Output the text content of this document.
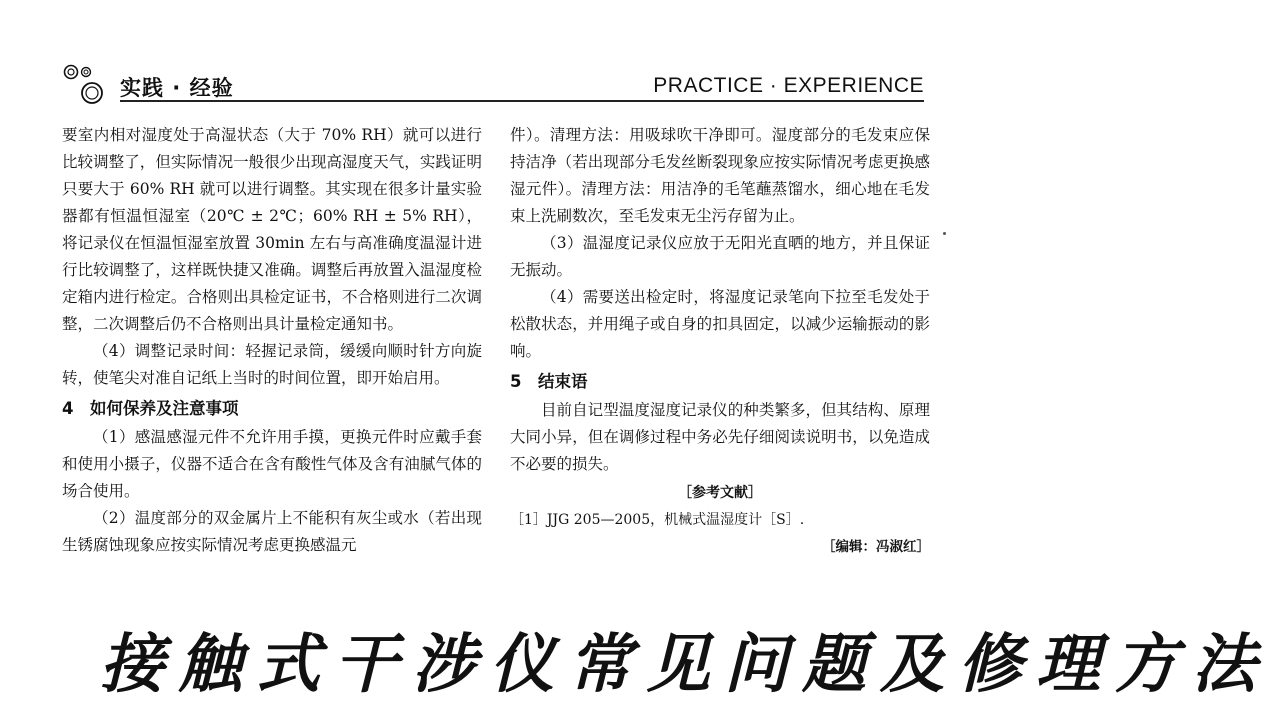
实践 · 经验	PRACTICE · EXPERIENCE

要室内相对湿度处于高湿状态（大于 70% RH）就可以进行比较调整了，但实际情况一般很少出现高湿度天气，实践证明只要大于 60% RH 就可以进行调整。其实现在很多计量实验器都有恒温恒湿室（20℃ ± 2℃；60% RH ± 5% RH），将记录仪在恒温恒湿室放置 30min 左右与高准确度温湿计进行比较调整了，这样既快捷又准确。调整后再放置入温湿度检定箱内进行检定。合格则出具检定证书，不合格则进行二次调整，二次调整后仍不合格则出具计量检定通知书。

（4）调整记录时间：轻握记录筒，缓缓向顺时针方向旋转，使笔尖对准自记纸上当时的时间位置，即开始启用。

4　如何保养及注意事项

（1）感温感湿元件不允许用手摸，更换元件时应戴手套和使用小摄子，仪器不适合在含有酸性气体及含有油腻气体的场合使用。

（2）温度部分的双金属片上不能积有灰尘或水（若出现生锈腐蚀现象应按实际情况考虑更换感温元

件）。清理方法：用吸球吹干净即可。湿度部分的毛发束应保持洁净（若出现部分毛发丝断裂现象应按实际情况考虑更换感湿元件）。清理方法：用洁净的毛笔蘸蒸馏水，细心地在毛发束上洗刷数次，至毛发束无尘污存留为止。

（3）温湿度记录仪应放于无阳光直晒的地方，并且保证无振动。

（4）需要送出检定时，将湿度记录笔向下拉至毛发处于松散状态，并用绳子或自身的扣具固定，以减少运输振动的影响。

5　结束语

目前自记型温度湿度记录仪的种类繁多，但其结构、原理大同小异，但在调修过程中务必先仔细阅读说明书，以免造成不必要的损失。

［参考文献］

［1］JJG 205—2005，机械式温湿度计［S］.

［编辑：冯淑红］

接触式干涉仪常见问题及修理方法
